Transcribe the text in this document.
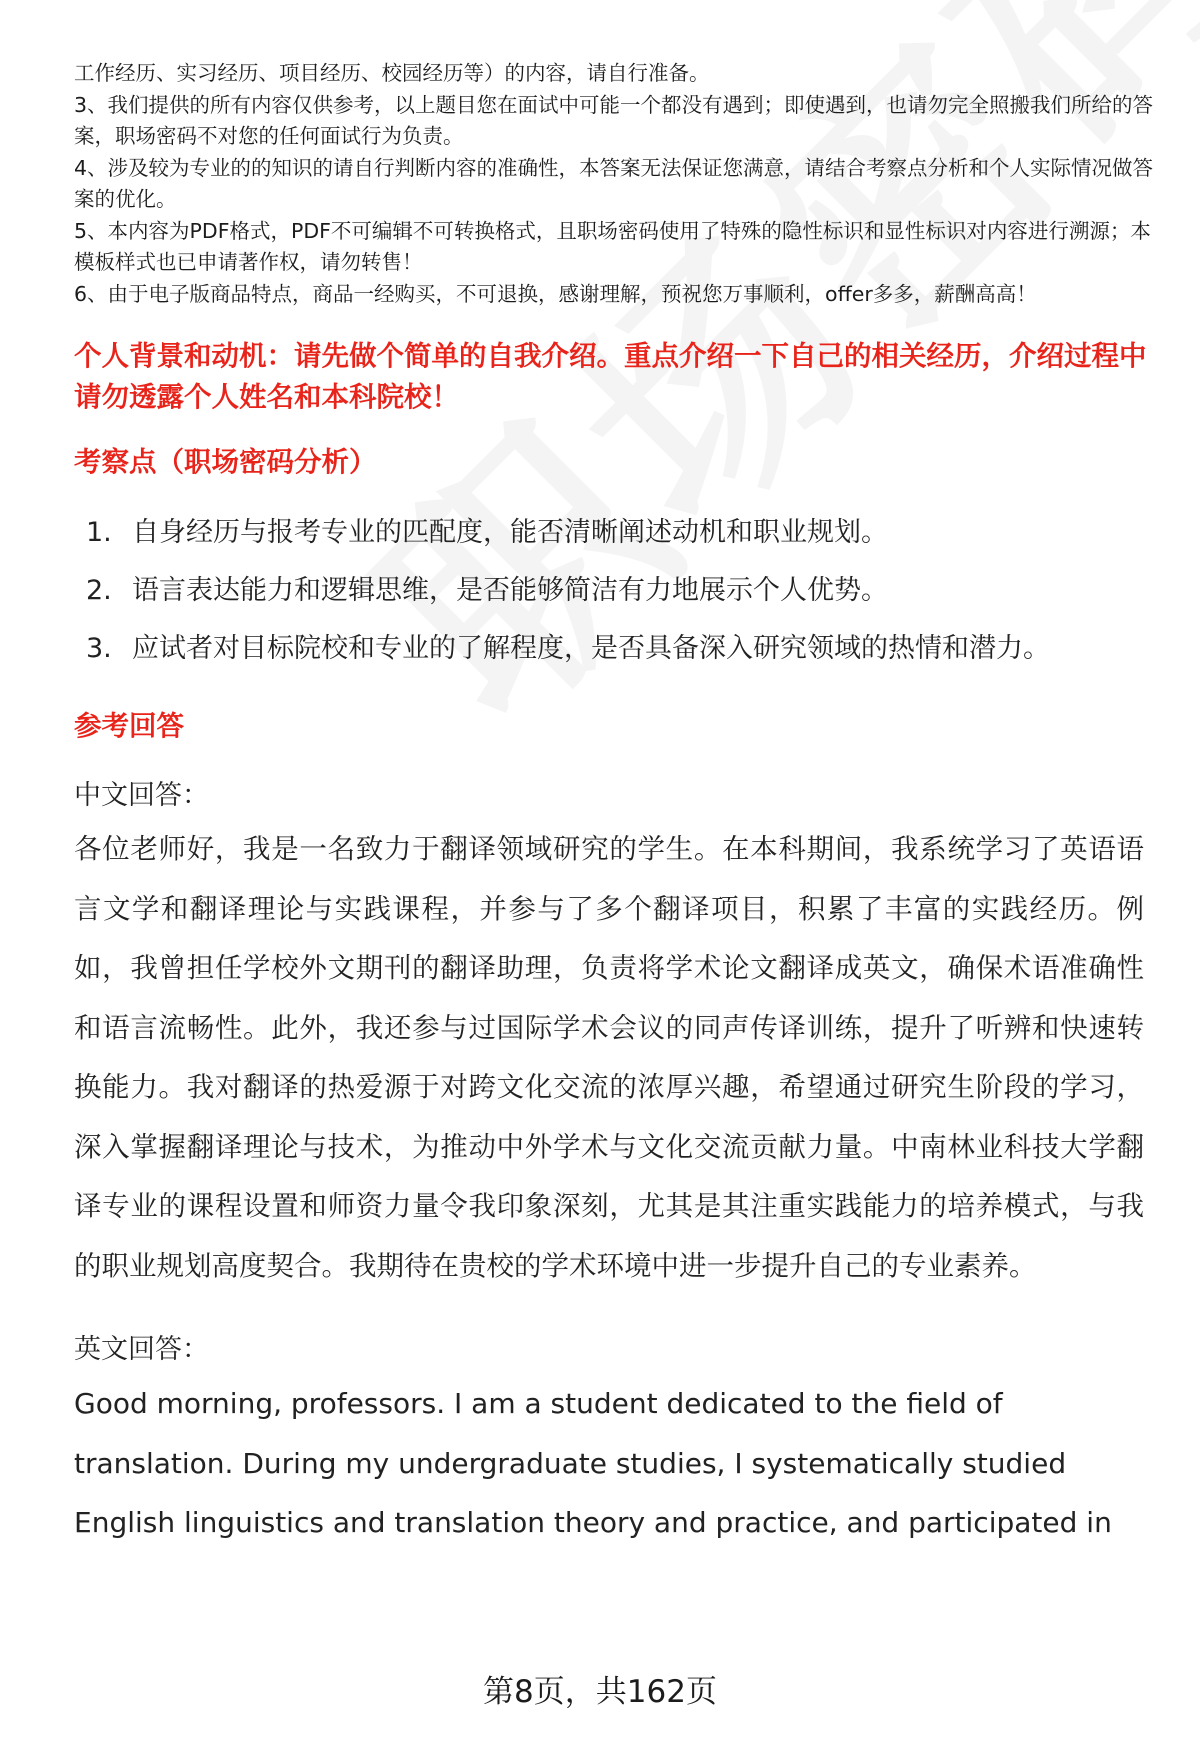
工作经历、实习经历、项目经历、校园经历等）的内容，请自行准备。

3、我们提供的所有内容仅供参考，以上题目您在面试中可能一个都没有遇到；即使遇到，也请勿完全照搬我们所给的答案，职场密码不对您的任何面试行为负责。

4、涉及较为专业的的知识的请自行判断内容的准确性，本答案无法保证您满意，请结合考察点分析和个人实际情况做答案的优化。

5、本内容为PDF格式，PDF不可编辑不可转换格式，且职场密码使用了特殊的隐性标识和显性标识对内容进行溯源；本模板样式也已申请著作权，请勿转售！

6、由于电子版商品特点，商品一经购买，不可退换，感谢理解，预祝您万事顺利，offer多多，薪酬高高！

个人背景和动机：请先做个简单的自我介绍。重点介绍一下自己的相关经历，介绍过程中请勿透露个人姓名和本科院校！

考察点（职场密码分析）

1. 自身经历与报考专业的匹配度，能否清晰阐述动机和职业规划。
2. 语言表达能力和逻辑思维，是否能够简洁有力地展示个人优势。
3. 应试者对目标院校和专业的了解程度，是否具备深入研究领域的热情和潜力。

参考回答

中文回答：

各位老师好，我是一名致力于翻译领域研究的学生。在本科期间，我系统学习了英语语言文学和翻译理论与实践课程，并参与了多个翻译项目，积累了丰富的实践经历。例如，我曾担任学校外文期刊的翻译助理，负责将学术论文翻译成英文，确保术语准确性和语言流畅性。此外，我还参与过国际学术会议的同声传译训练，提升了听辨和快速转换能力。我对翻译的热爱源于对跨文化交流的浓厚兴趣，希望通过研究生阶段的学习，深入掌握翻译理论与技术，为推动中外学术与文化交流贡献力量。中南林业科技大学翻译专业的课程设置和师资力量令我印象深刻，尤其是其注重实践能力的培养模式，与我的职业规划高度契合。我期待在贵校的学术环境中进一步提升自己的专业素养。

英文回答：

Good morning, professors. I am a student dedicated to the field of translation. During my undergraduate studies, I systematically studied English linguistics and translation theory and practice, and participated in

第8页，共162页
